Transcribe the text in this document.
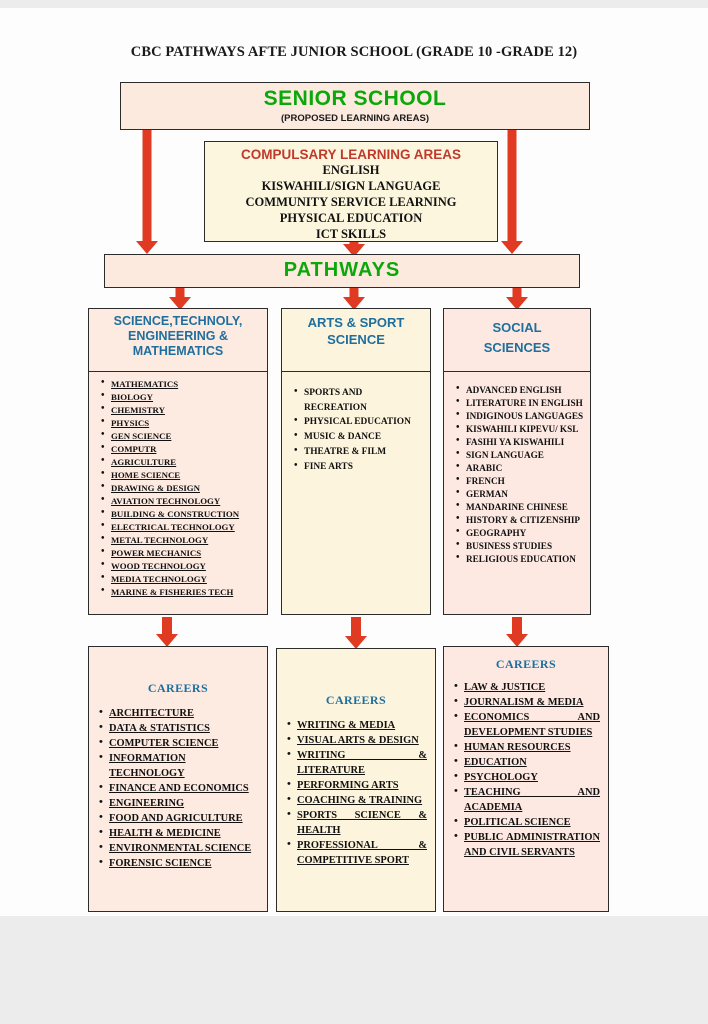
CBC PATHWAYS AFTE JUNIOR SCHOOL (GRADE 10 -GRADE 12)
SENIOR SCHOOL
(PROPOSED LEARNING AREAS)
COMPULSARY LEARNING AREAS
ENGLISH
KISWAHILI/SIGN LANGUAGE
COMMUNITY SERVICE LEARNING
PHYSICAL EDUCATION
ICT SKILLS
PATHWAYS
SCIENCE,TECHNOLY,
ENGINEERING &
MATHEMATICS
• MATHEMATICS
• BIOLOGY
• CHEMISTRY
• PHYSICS
• GEN SCIENCE
• COMPUTR
• AGRICULTURE
• HOME SCIENCE
• DRAWING & DESIGN
• AVIATION TECHNOLOGY
• BUILDING & CONSTRUCTION
• ELECTRICAL TECHNOLOGY
• METAL TECHNOLOGY
• POWER MECHANICS
• WOOD TECHNOLOGY
• MEDIA TECHNOLOGY
• MARINE & FISHERIES TECH
CAREERS
• ARCHITECTURE
• DATA & STATISTICS
• COMPUTER SCIENCE
• INFORMATION TECHNOLOGY
• FINANCE AND ECONOMICS
• ENGINEERING
• FOOD AND AGRICULTURE
• HEALTH & MEDICINE
• ENVIRONMENTAL SCIENCE
• FORENSIC SCIENCE
ARTS & SPORT
SCIENCE
• SPORTS AND RECREATION
• PHYSICAL EDUCATION
• MUSIC & DANCE
• THEATRE & FILM
• FINE ARTS
CAREERS
• WRITING & MEDIA
• VISUAL ARTS & DESIGN
• WRITING & LITERATURE
• PERFORMING ARTS
• COACHING & TRAINING
• SPORTS SCIENCE & HEALTH
• PROFESSIONAL & COMPETITIVE SPORT
SOCIAL
SCIENCES
• ADVANCED ENGLISH
• LITERATURE IN ENGLISH
• INDIGINOUS LANGUAGES
• KISWAHILI KIPEVU/ KSL
• FASIHI YA KISWAHILI
• SIGN LANGUAGE
• ARABIC
• FRENCH
• GERMAN
• MANDARINE CHINESE
• HISTORY & CITIZENSHIP
• GEOGRAPHY
• BUSINESS STUDIES
• RELIGIOUS EDUCATION
CAREERS
• LAW & JUSTICE
• JOURNALISM & MEDIA
• ECONOMICS AND DEVELOPMENT STUDIES
• HUMAN RESOURCES
• EDUCATION
• PSYCHOLOGY
• TEACHING AND ACADEMIA
• POLITICAL SCIENCE
• PUBLIC ADMINISTRATION AND CIVIL SERVANTS
